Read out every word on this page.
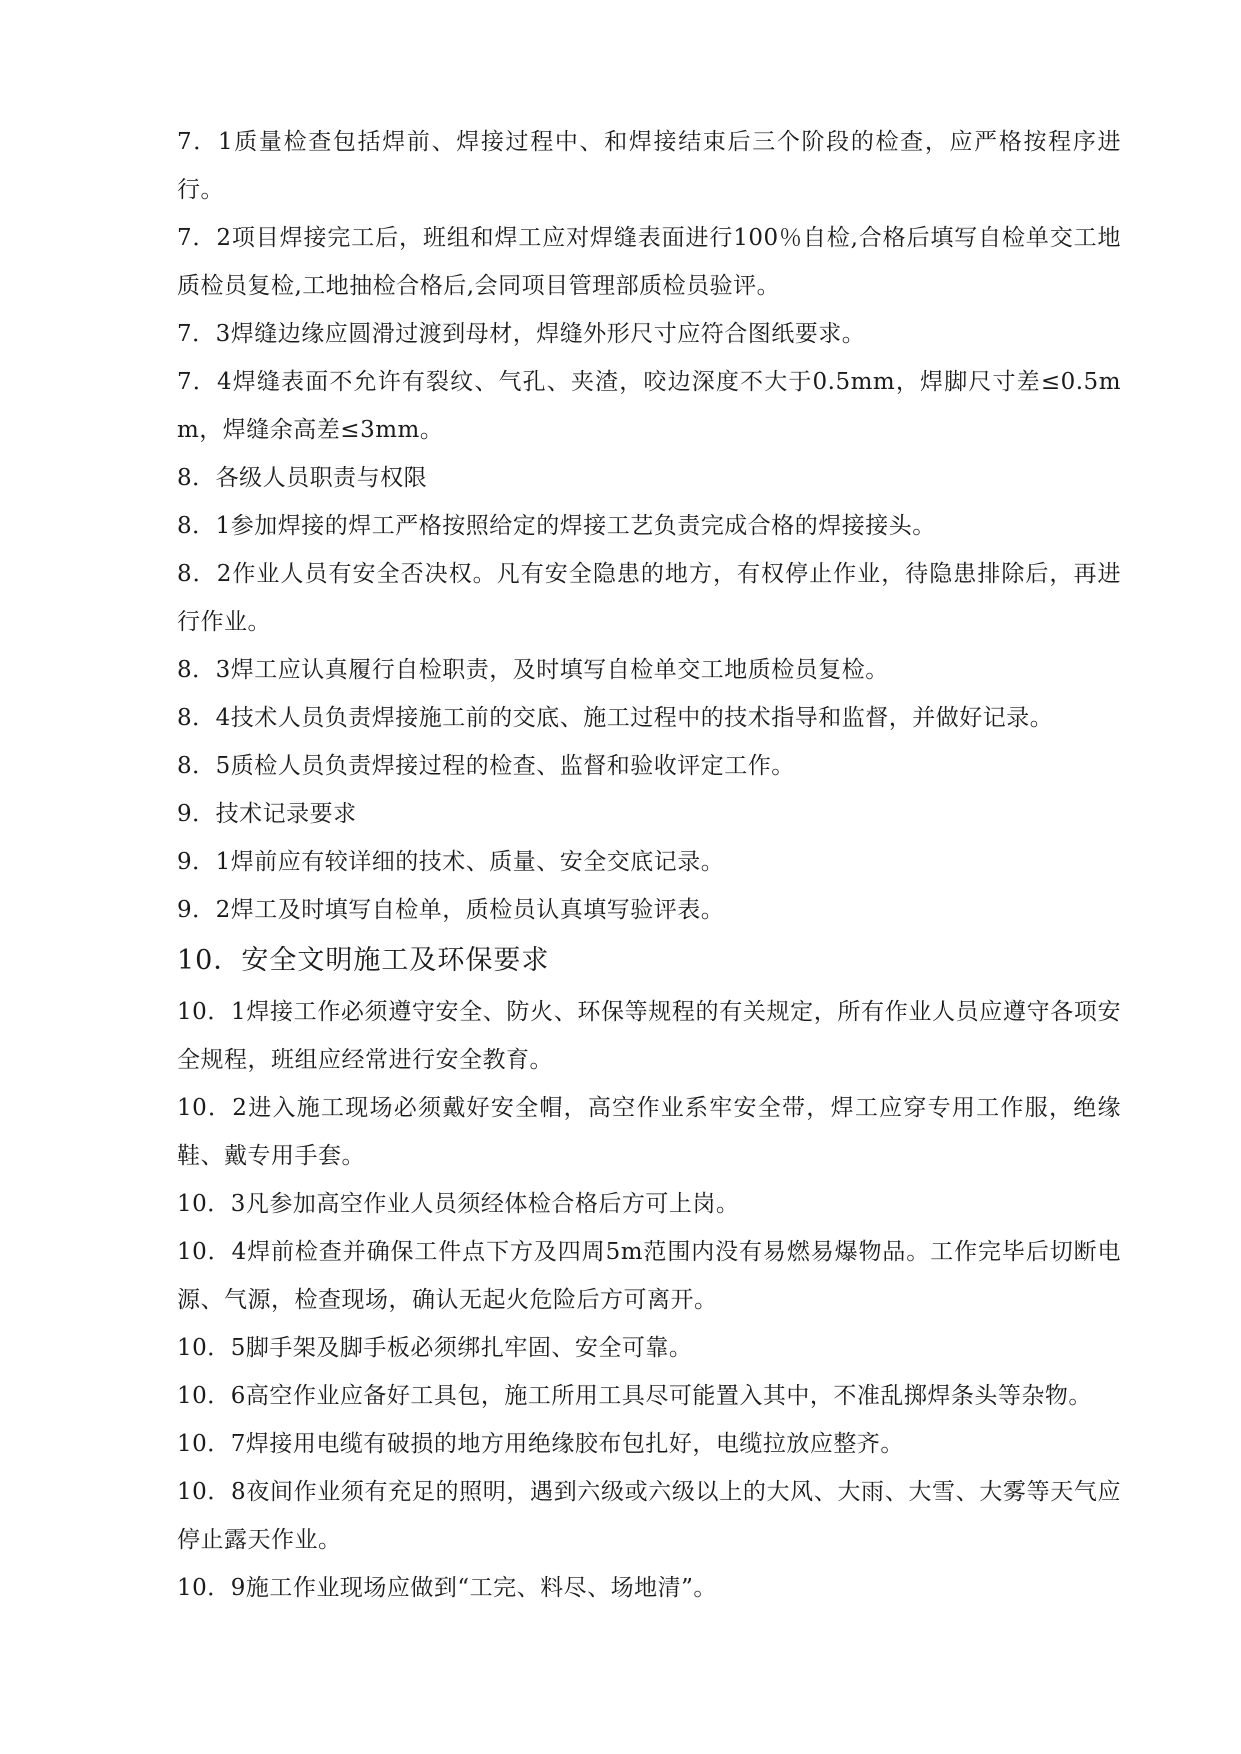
7．1质量检查包括焊前、焊接过程中、和焊接结束后三个阶段的检查，应严格按程序进行。

7．2项目焊接完工后，班组和焊工应对焊缝表面进行100％自检,合格后填写自检单交工地质检员复检,工地抽检合格后,会同项目管理部质检员验评。

7．3焊缝边缘应圆滑过渡到母材，焊缝外形尺寸应符合图纸要求。

7．4焊缝表面不允许有裂纹、气孔、夹渣，咬边深度不大于0.5mm，焊脚尺寸差≤0.5mm，焊缝余高差≤3mm。

8．各级人员职责与权限

8．1参加焊接的焊工严格按照给定的焊接工艺负责完成合格的焊接接头。

8．2作业人员有安全否决权。凡有安全隐患的地方，有权停止作业，待隐患排除后，再进行作业。

8．3焊工应认真履行自检职责，及时填写自检单交工地质检员复检。

8．4技术人员负责焊接施工前的交底、施工过程中的技术指导和监督，并做好记录。

8．5质检人员负责焊接过程的检查、监督和验收评定工作。

9．技术记录要求

9．1焊前应有较详细的技术、质量、安全交底记录。

9．2焊工及时填写自检单，质检员认真填写验评表。

10．安全文明施工及环保要求

10．1焊接工作必须遵守安全、防火、环保等规程的有关规定，所有作业人员应遵守各项安全规程，班组应经常进行安全教育。

10．2进入施工现场必须戴好安全帽，高空作业系牢安全带，焊工应穿专用工作服，绝缘鞋、戴专用手套。

10．3凡参加高空作业人员须经体检合格后方可上岗。

10．4焊前检查并确保工件点下方及四周5m范围内没有易燃易爆物品。工作完毕后切断电源、气源，检查现场，确认无起火危险后方可离开。

10．5脚手架及脚手板必须绑扎牢固、安全可靠。

10．6高空作业应备好工具包，施工所用工具尽可能置入其中，不准乱掷焊条头等杂物。

10．7焊接用电缆有破损的地方用绝缘胶布包扎好，电缆拉放应整齐。

10．8夜间作业须有充足的照明，遇到六级或六级以上的大风、大雨、大雪、大雾等天气应停止露天作业。

10．9施工作业现场应做到“工完、料尽、场地清”。
